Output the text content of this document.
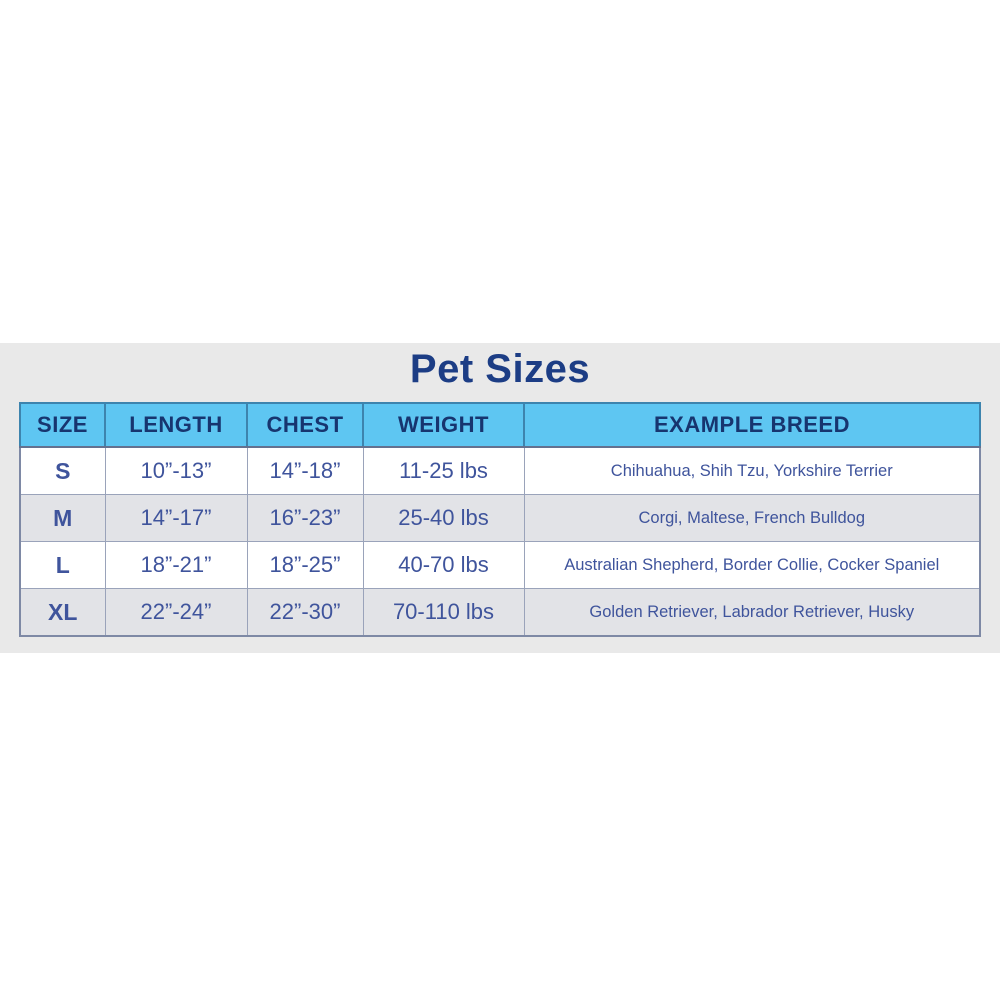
Pet Sizes
SIZE	LENGTH	CHEST	WEIGHT	EXAMPLE BREED
S	10”-13”	14”-18”	11-25 lbs	Chihuahua, Shih Tzu, Yorkshire Terrier
M	14”-17”	16”-23”	25-40 lbs	Corgi, Maltese, French Bulldog
L	18”-21”	18”-25”	40-70 lbs	Australian Shepherd, Border Collie, Cocker Spaniel
XL	22”-24”	22”-30”	70-110 lbs	Golden Retriever, Labrador Retriever, Husky
